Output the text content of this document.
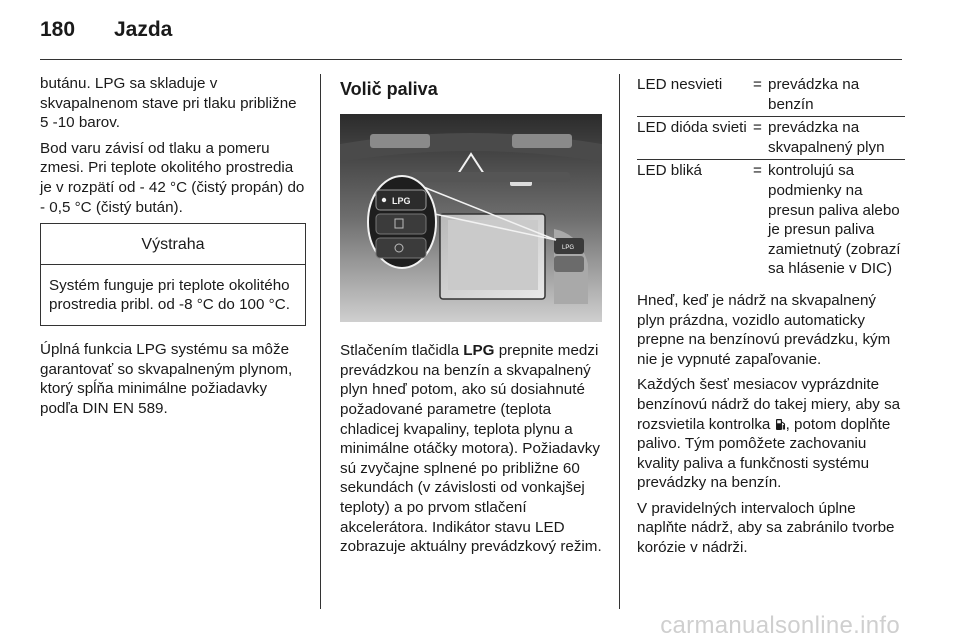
180 Jazda

butánu. LPG sa skladuje v skvapalnenom stave pri tlaku približne 5 -10 barov.

Bod varu závisí od tlaku a pomeru zmesi. Pri teplote okolitého prostredia je v rozpätí od - 42 °C (čistý propán) do - 0,5 °C (čistý bután).

Výstraha
Systém funguje pri teplote okolitého prostredia pribl. od -8 °C do 100 °C.

Úplná funkcia LPG systému sa môže garantovať so skvapalneným plynom, ktorý spĺňa minimálne požiadavky podľa DIN EN 589.

Volič paliva
LPG
LPG

Stlačením tlačidla LPG prepnite medzi prevádzkou na benzín a skvapalnený plyn hneď potom, ako sú dosiahnuté požadované parametre (teplota chladicej kvapaliny, teplota plynu a minimálne otáčky motora). Požiadavky sú zvyčajne splnené po približne 60 sekundách (v závislosti od vonkajšej teploty) a po prvom stlačení akcelerátora. Indikátor stavu LED zobrazuje aktuálny prevádzkový režim.

LED nesvieti	= prevádzka na benzín
LED dióda svieti = prevádzka na skvapalnený plyn
LED bliká	= kontrolujú sa podmienky na presun paliva alebo je presun paliva zamietnutý (zobrazí sa hlásenie v DIC)

Hneď, keď je nádrž na skvapalnený plyn prázdna, vozidlo automaticky prepne na benzínovú prevádzku, kým nie je vypnuté zapaľovanie.

Každých šesť mesiacov vyprázdnite benzínovú nádrž do takej miery, aby sa rozsvietila kontrolka , potom doplňte palivo. Tým pomôžete zachovaniu kvality paliva a funkčnosti systému prevádzky na benzín.

V pravidelných intervaloch úplne naplňte nádrž, aby sa zabránilo tvorbe korózie v nádrži.

carmanualsonline.info
